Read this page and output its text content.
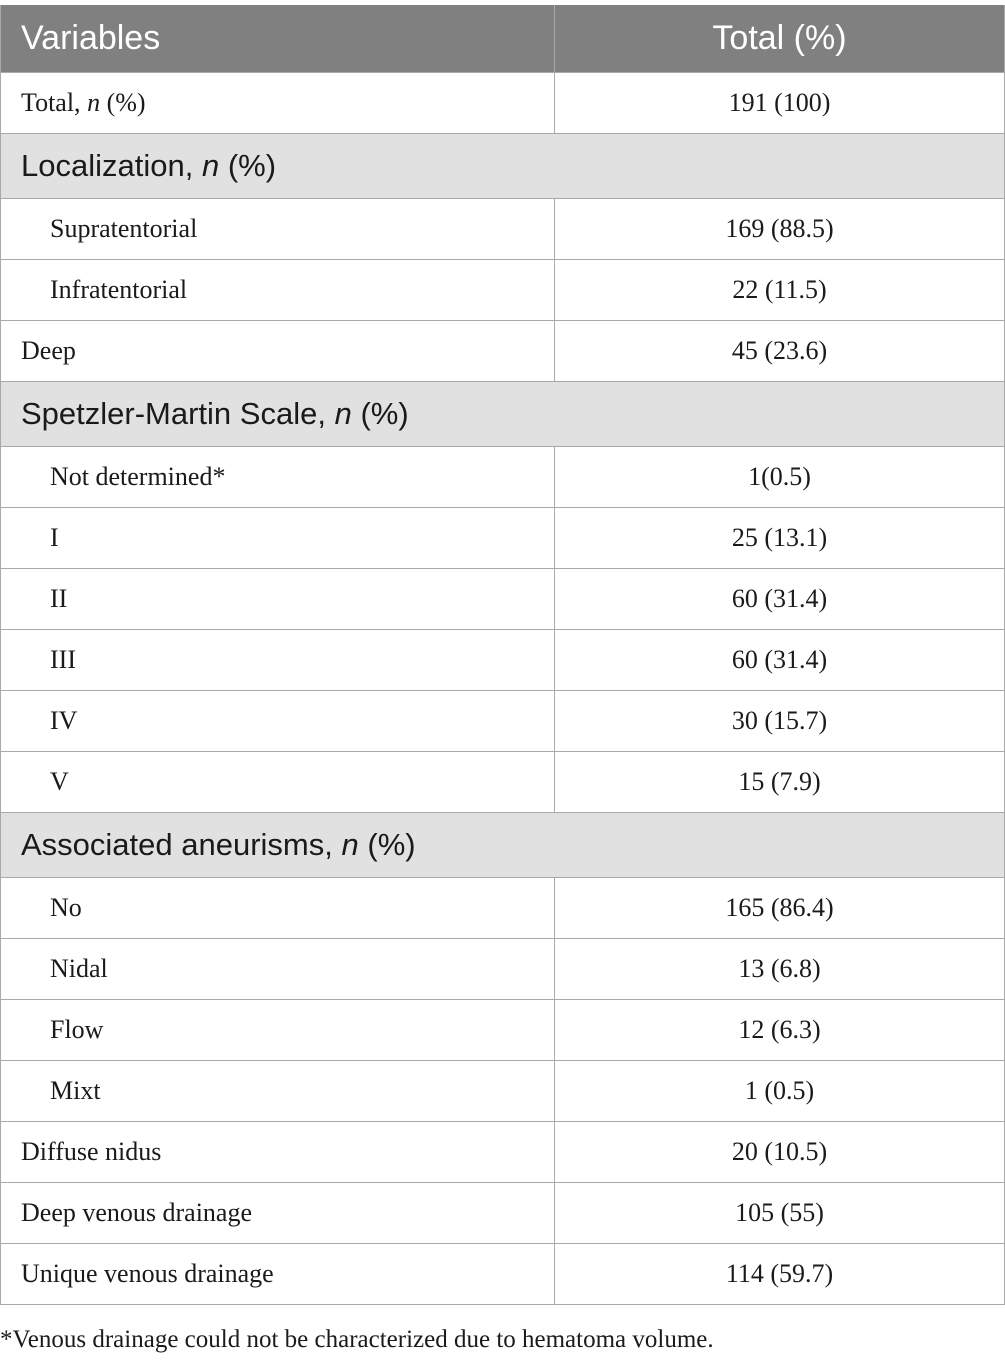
Variables	Total (%)
Total, n (%)	191 (100)
Localization, n (%)	
Supratentorial	169 (88.5)
Infratentorial	22 (11.5)
Deep	45 (23.6)
Spetzler-Martin Scale, n (%)	
Not determined*	1(0.5)
I	25 (13.1)
II	60 (31.4)
III	60 (31.4)
IV	30 (15.7)
V	15 (7.9)
Associated aneurisms, n (%)	
No	165 (86.4)
Nidal	13 (6.8)
Flow	12 (6.3)
Mixt	1 (0.5)
Diffuse nidus	20 (10.5)
Deep venous drainage	105 (55)
Unique venous drainage	114 (59.7)
*Venous drainage could not be characterized due to hematoma volume.
